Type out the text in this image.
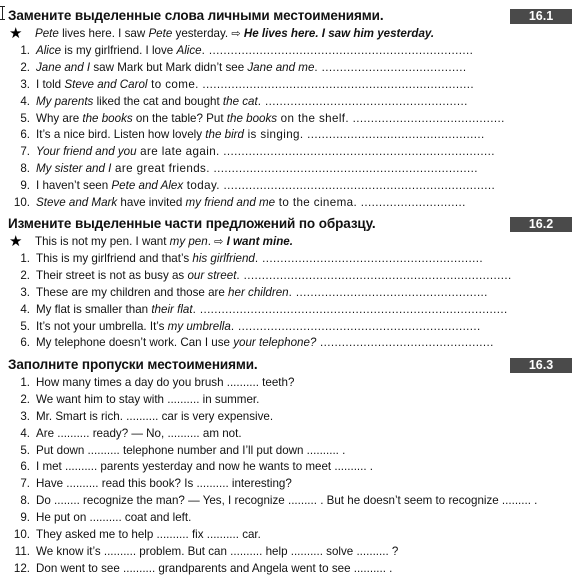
Замените выделенные слова личными местоимениями.	16.1
★ Pete lives here. I saw Pete yesterday. ⇨ He lives here. I saw him yesterday.
1. Alice is my girlfriend. I love Alice. .........................................................................
2. Jane and I saw Mark but Mark didn’t see Jane and me. ........................................
3. I told Steve and Carol to come. ...........................................................................
4. My parents liked the cat and bought the cat. ........................................................
5. Why are the books on the table? Put the books on the shelf. ..........................................
6. It’s a nice bird. Listen how lovely the bird is singing. .................................................
7. Your friend and you are late again. ...........................................................................
8. My sister and I are great friends. .........................................................................
9. I haven’t seen Pete and Alex today. ...........................................................................
10. Steve and Mark have invited my friend and me to the cinema. .............................
Измените выделенные части предложений по образцу.	16.2
★ This is not my pen. I want my pen. ⇨ I want mine.
1. This is my girlfriend and that’s his girlfriend. .............................................................
2. Their street is not as busy as our street. ..........................................................................
3. These are my children and those are her children. .....................................................
4. My flat is smaller than their flat. .....................................................................................
5. It’s not your umbrella. It’s my umbrella. ...................................................................
6. My telephone doesn’t work. Can I use your telephone? ................................................
Заполните пропуски местоимениями.	16.3
1. How many times a day do you brush .......... teeth?
2. We want him to stay with .......... in summer.
3. Mr. Smart is rich. .......... car is very expensive.
4. Are .......... ready? — No, .......... am not.
5. Put down .......... telephone number and I’ll put down .......... .
6. I met .......... parents yesterday and now he wants to meet .......... .
7. Have .......... read this book? Is .......... interesting?
8. Do ........ recognize the man? — Yes, I recognize ......... . But he doesn’t seem to recognize ......... .
9. He put on .......... coat and left.
10. They asked me to help .......... fix .......... car.
11. We know it’s .......... problem. But can .......... help .......... solve .......... ?
12. Don went to see .......... grandparents and Angela went to see .......... .
